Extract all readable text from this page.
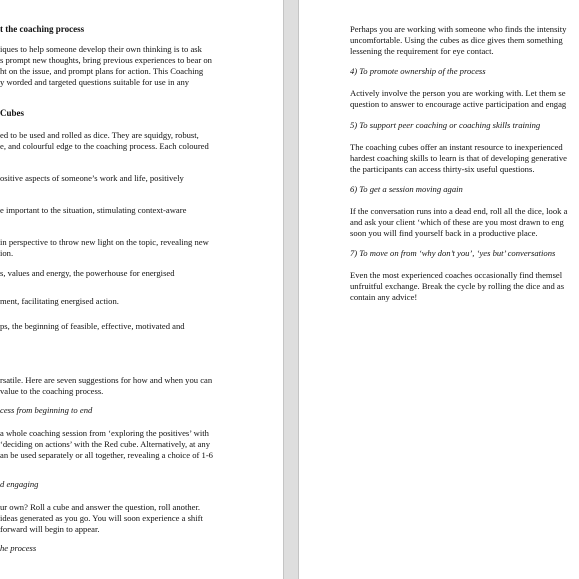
t the coaching process
iques to help someone develop their own thinking is to ask
s prompt new thoughts, bring previous experiences to bear on
ht on the issue, and prompt plans for action. This Coaching
y worded and targeted questions suitable for use in any
Cubes
ed to be used and rolled as dice. They are squidgy, robust,
e, and colourful edge to the coaching process. Each coloured
ositive aspects of someone’s work and life, positively
e important to the situation, stimulating context-aware
in perspective to throw new light on the topic, revealing new
ion.
s, values and energy, the powerhouse for energised
ment, facilitating energised action.
ps, the beginning of feasible, effective, motivated and
rsatile. Here are seven suggestions for how and when you can
value to the coaching process.
cess from beginning to end
a whole coaching session from ‘exploring the positives’ with
‘deciding on actions’ with the Red cube. Alternatively, at any
an be used separately or all together, revealing a choice of 1-6
d engaging
ur own? Roll a cube and answer the question, roll another.
ideas generated as you go. You will soon experience a shift
forward will begin to appear.
he process
Perhaps you are working with someone who finds the intensity
uncomfortable. Using the cubes as dice gives them something
lessening the requirement for eye contact.
4) To promote ownership of the process
Actively involve the person you are working with. Let them se
question to answer to encourage active participation and engag
5) To support peer coaching or coaching skills training
The coaching cubes offer an instant resource to inexperienced
hardest coaching skills to learn is that of developing generative
the participants can access thirty-six useful questions.
6) To get a session moving again
If the conversation runs into a dead end, roll all the dice, look a
and ask your client ‘which of these are you most drawn to eng
soon you will find yourself back in a productive place.
7) To move on from ‘why don’t you’, ‘yes but’ conversations
Even the most experienced coaches occasionally find themsel
unfruitful exchange. Break the cycle by rolling the dice and as
contain any advice!
